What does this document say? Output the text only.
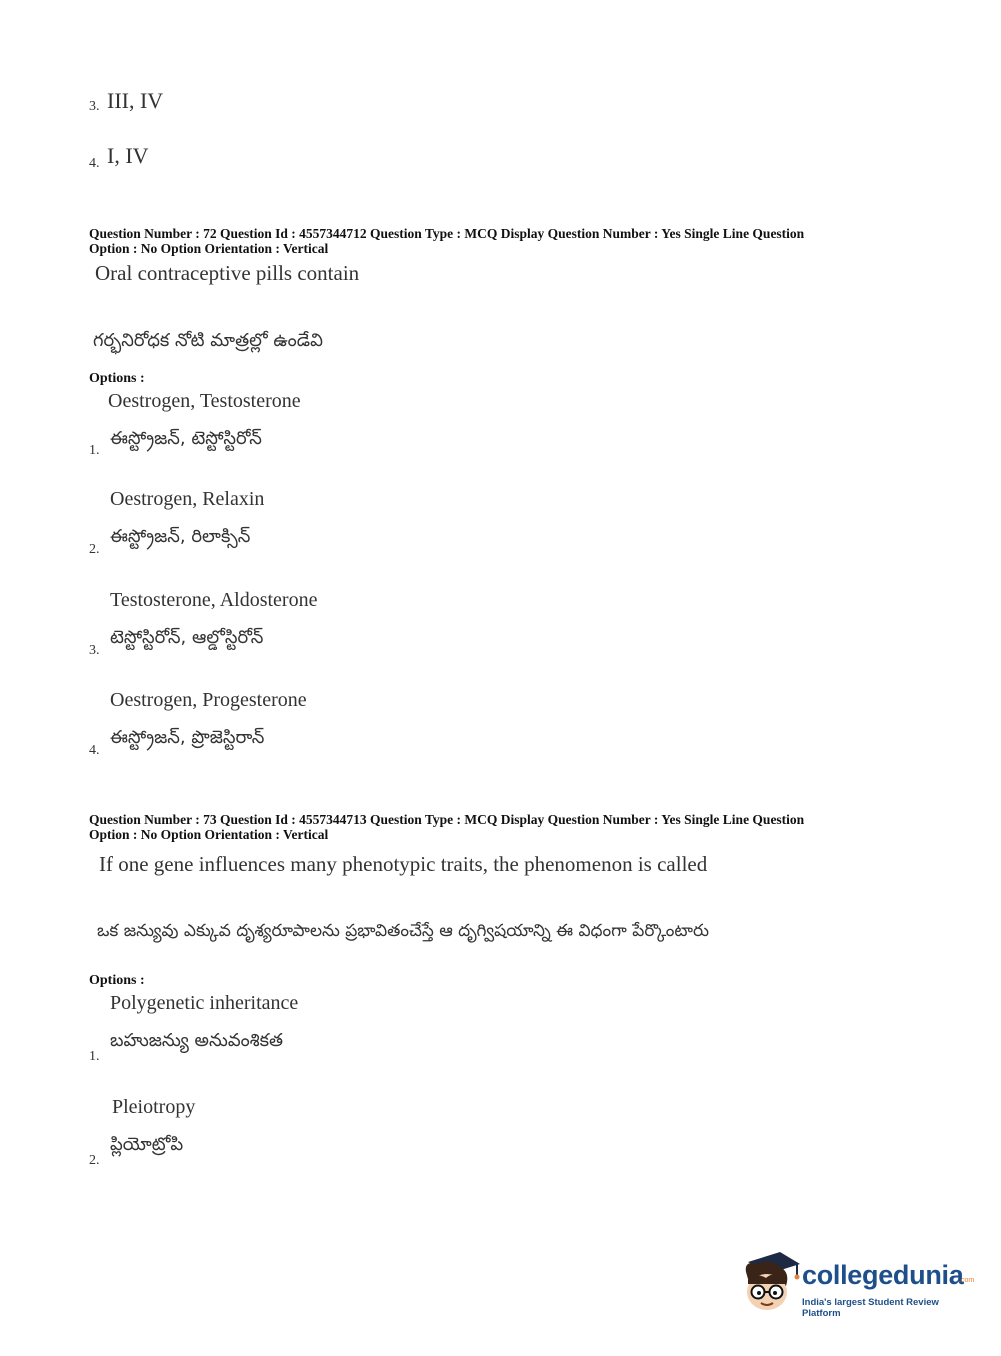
3. III, IV
4. I, IV
Question Number : 72 Question Id : 4557344712 Question Type : MCQ Display Question Number : Yes Single Line Question
Option : No Option Orientation : Vertical
Oral contraceptive pills contain
గర్భనిరోధక నోటి మాత్రల్లో ఉండేవి
Options :
Oestrogen, Testosterone
ఈస్ట్రోజన్, టెస్టోస్టిరోన్
1.
Oestrogen, Relaxin
ఈస్ట్రోజన్, రిలాక్సిన్
2.
Testosterone, Aldosterone
టెస్టోస్టిరోన్, ఆల్డోస్టిరోన్
3.
Oestrogen, Progesterone
ఈస్ట్రోజన్, ప్రొజెస్టిరాన్
4.
Question Number : 73 Question Id : 4557344713 Question Type : MCQ Display Question Number : Yes Single Line Question
Option : No Option Orientation : Vertical
If one gene influences many phenotypic traits, the phenomenon is called
ఒక జన్యువు ఎక్కువ దృశ్యరూపాలను ప్రభావితంచేస్తే ఆ దృగ్విషయాన్ని ఈ విధంగా పేర్కొంటారు
Options :
Polygenetic inheritance
బహుజన్యు అనువంశికత
1.
Pleiotropy
ప్లియోట్రోపి
2.
collegedunia
.com
India's largest Student Review Platform
